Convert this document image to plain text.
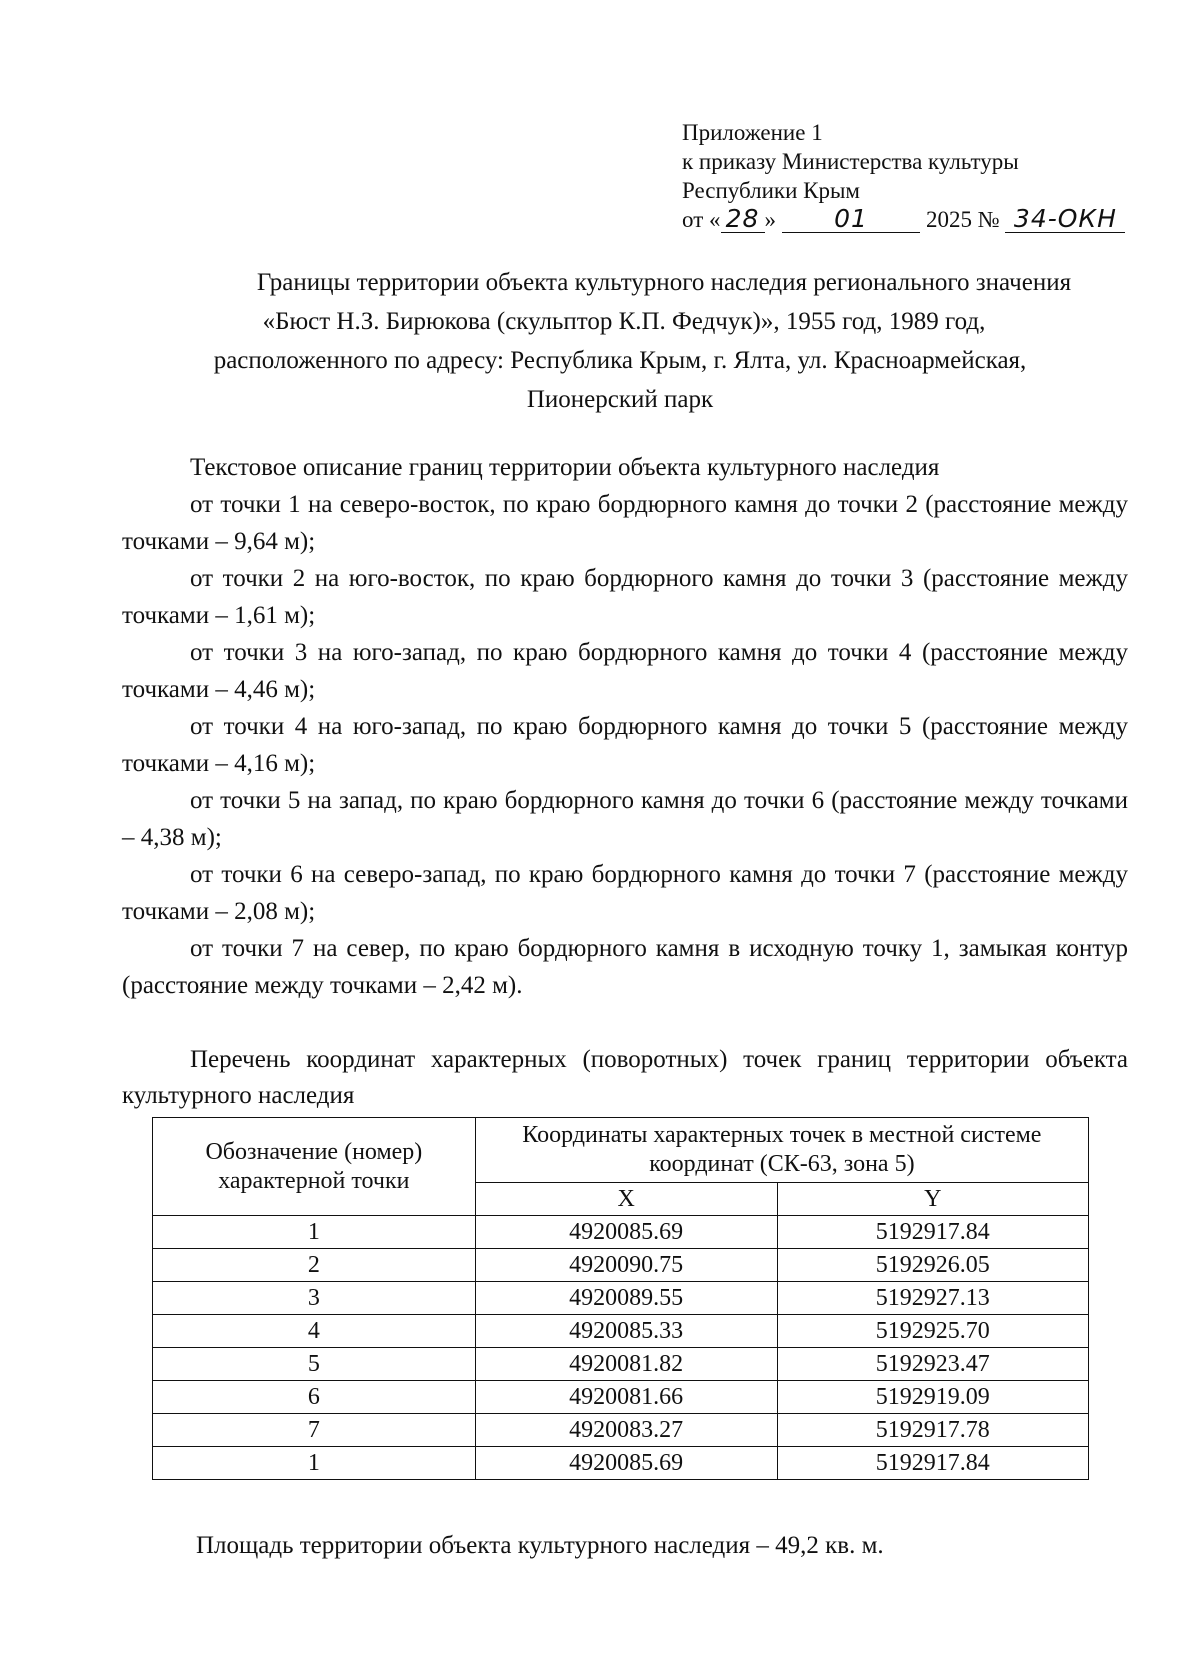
Приложение 1
к приказу Министерства культуры
Республики Крым
от « 28 » 01	2025 № 34-ОКН
Границы территории объекта культурного наследия регионального значения
«Бюст Н.З. Бирюкова (скульптор К.П. Федчук)», 1955 год, 1989 год,
расположенного по адресу: Республика Крым, г. Ялта, ул. Красноармейская,
Пионерский парк
Текстовое описание границ территории объекта культурного наследия
от точки 1 на северо-восток, по краю бордюрного камня до точки 2 (расстояние между точками – 9,64 м);
от точки 2 на юго-восток, по краю бордюрного камня до точки 3 (расстояние между точками – 1,61 м);
от точки 3 на юго-запад, по краю бордюрного камня до точки 4 (расстояние между точками – 4,46 м);
от точки 4 на юго-запад, по краю бордюрного камня до точки 5 (расстояние между точками – 4,16 м);
от точки 5 на запад, по краю бордюрного камня до точки 6 (расстояние между точками – 4,38 м);
от точки 6 на северо-запад, по краю бордюрного камня до точки 7 (расстояние между точками – 2,08 м);
от точки 7 на север, по краю бордюрного камня в исходную точку 1, замыкая контур (расстояние между точками – 2,42 м).
Перечень координат характерных (поворотных) точек границ территории объекта культурного наследия
Обозначение (номер) характерной точки	Координаты характерных точек в местной системе координат (СК-63, зона 5)	
	X	Y
1	4920085.69	5192917.84
2	4920090.75	5192926.05
3	4920089.55	5192927.13
4	4920085.33	5192925.70
5	4920081.82	5192923.47
6	4920081.66	5192919.09
7	4920083.27	5192917.78
1	4920085.69	5192917.84
Площадь территории объекта культурного наследия – 49,2 кв. м.
